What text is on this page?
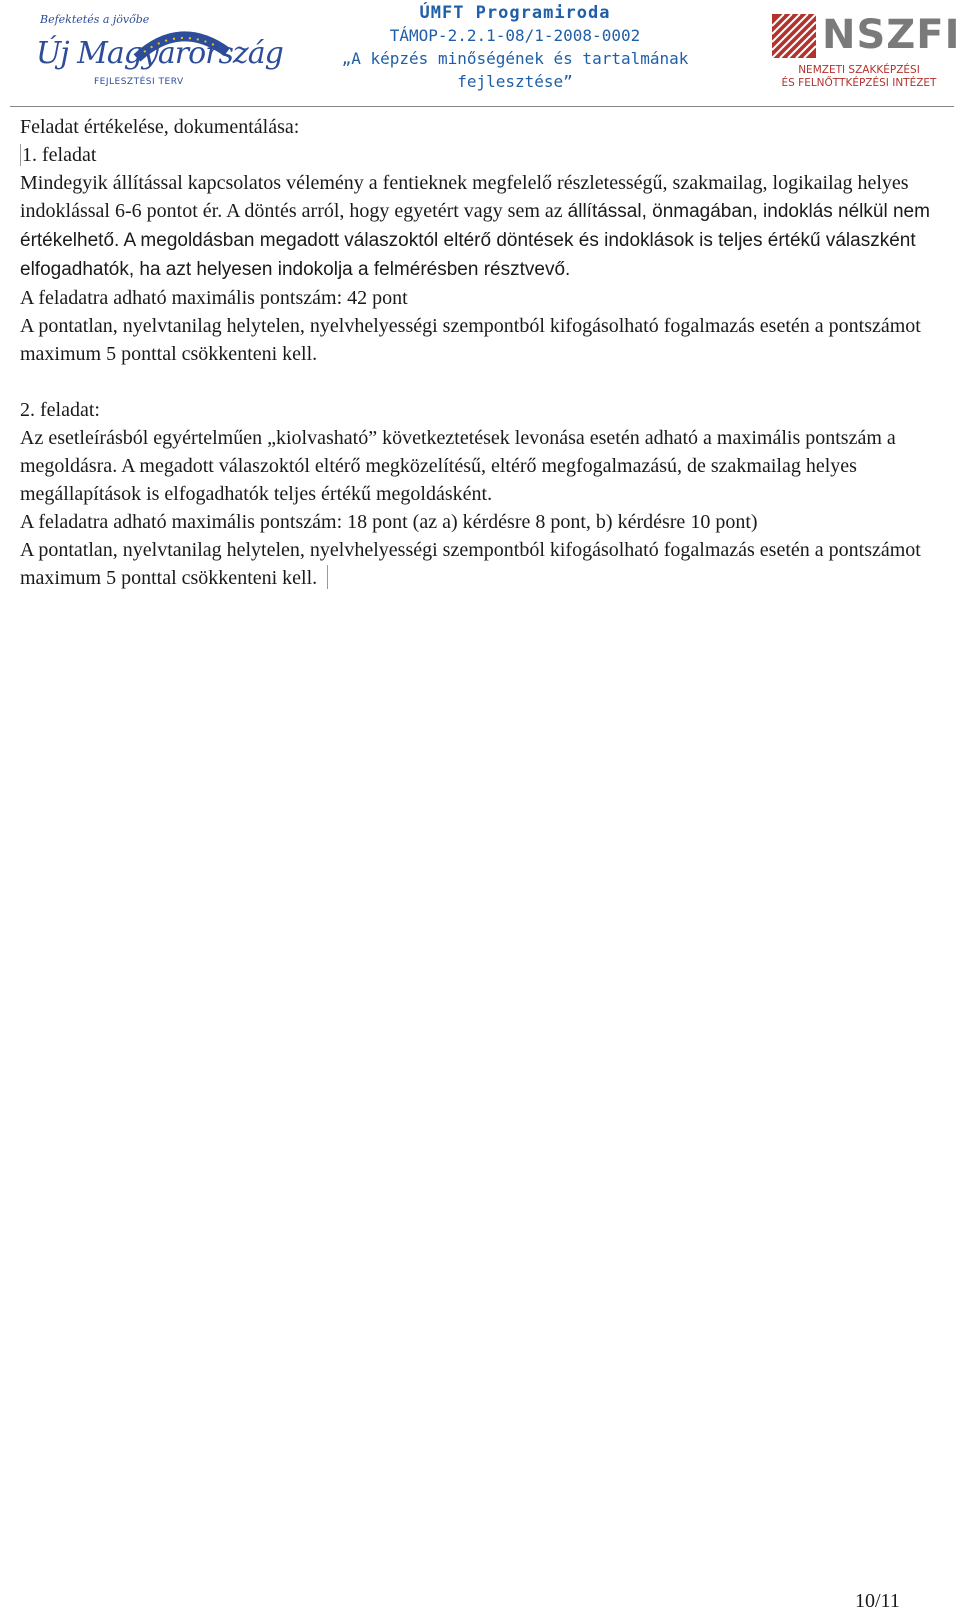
Befektetés a jövőbe
Új Magyarország
FEJLESZTÉSI TERV
ÚMFT Programiroda
TÁMOP-2.2.1-08/1-2008-0002
„A képzés minőségének és tartalmának
fejlesztése”
NSZFI
NEMZETI SZAKKÉPZÉSI
ÉS FELNŐTTKÉPZÉSI INTÉZET

Feladat értékelése, dokumentálása:

1. feladat

Mindegyik állítással kapcsolatos vélemény a fentieknek megfelelő részletességű, szakmailag, logikailag helyes indoklással 6-6 pontot ér. A döntés arról, hogy egyetért vagy sem az állítással, önmagában, indoklás nélkül nem értékelhető. A megoldásban megadott válaszoktól eltérő döntések és indoklások is teljes értékű válaszként elfogadhatók, ha azt helyesen indokolja a felmérésben résztvevő.

A feladatra adható maximális pontszám: 42 pont

A pontatlan, nyelvtanilag helytelen, nyelvhelyességi szempontból kifogásolható fogalmazás esetén a pontszámot maximum 5 ponttal csökkenteni kell.

2. feladat:

Az esetleírásból egyértelműen „kiolvasható” következtetések levonása esetén adható a maximális pontszám a megoldásra. A megadott válaszoktól eltérő megközelítésű, eltérő megfogalmazású, de szakmailag helyes megállapítások is elfogadhatók teljes értékű megoldásként.

A feladatra adható maximális pontszám: 18 pont (az a) kérdésre 8 pont, b) kérdésre 10 pont)

A pontatlan, nyelvtanilag helytelen, nyelvhelyességi szempontból kifogásolható fogalmazás esetén a pontszámot maximum 5 ponttal csökkenteni kell.

10/11
